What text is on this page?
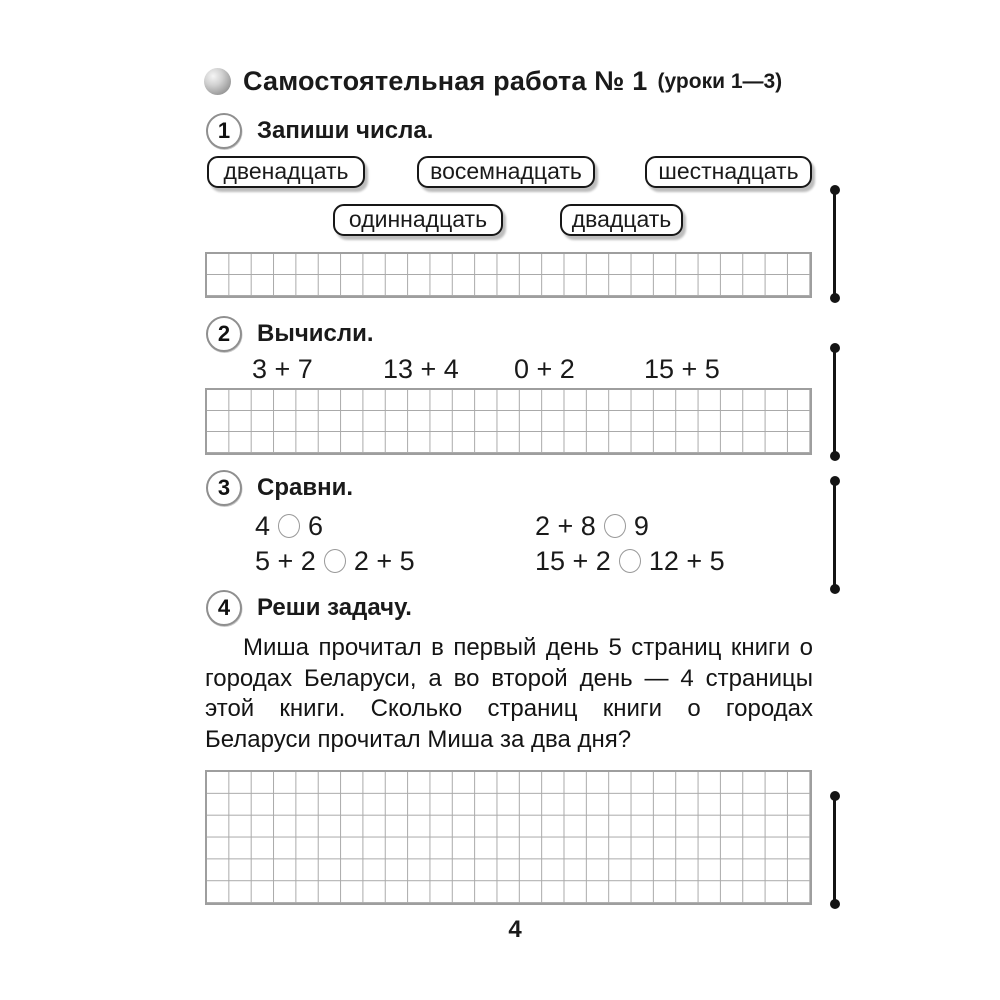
Самостоятельная работа № 1 (уроки 1—3)
1	Запиши числа.
двенадцать	восемнадцать	шестнадцать
одиннадцать	двадцать
2	Вычисли.
3 + 7	13 + 4 0 + 2	15 + 5
3	Сравни.
4 6	2 + 8 9
5 + 2 2 + 5	15 + 2 12 + 5
4	Реши задачу.
Миша прочитал в первый день 5 страниц книги о городах Беларуси, а во второй день — 4 страницы этой книги. Сколько страниц книги о городах Беларуси прочитал Миша за два дня?
4
